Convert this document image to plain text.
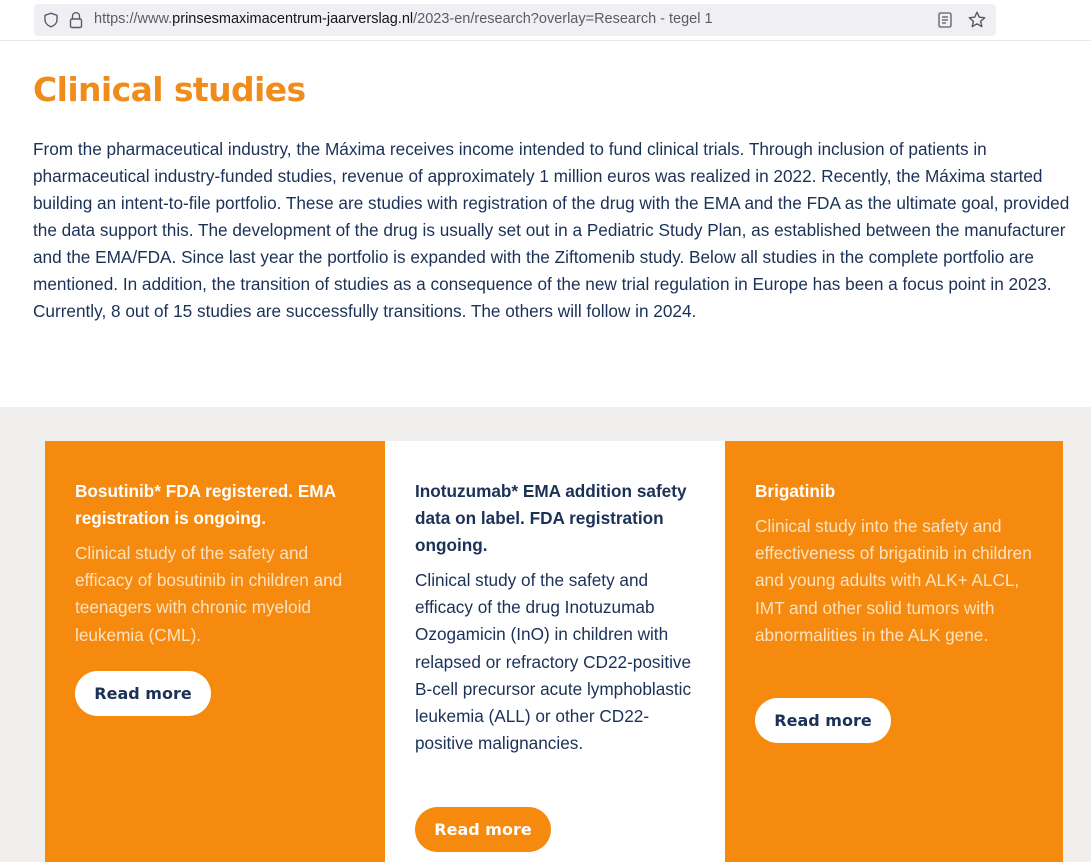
https://www.prinsesmaximacentrum-jaarverslag.nl/2023-en/research?overlay=Research - tegel 1
Clinical studies

From the pharmaceutical industry, the Máxima receives income intended to fund clinical trials. Through inclusion of patients in pharmaceutical industry-funded studies, revenue of approximately 1 million euros was realized in 2022. Recently, the Máxima started building an intent-to-file portfolio. These are studies with registration of the drug with the EMA and the FDA as the ultimate goal, provided the data support this. The development of the drug is usually set out in a Pediatric Study Plan, as established between the manufacturer and the EMA/FDA. Since last year the portfolio is expanded with the Ziftomenib study. Below all studies in the complete portfolio are mentioned. In addition, the transition of studies as a consequence of the new trial regulation in Europe has been a focus point in 2023. Currently, 8 out of 15 studies are successfully transitions. The others will follow in 2024.

Bosutinib* FDA registered. EMA registration is ongoing.
Clinical study of the safety and efficacy of bosutinib in children and teenagers with chronic myeloid leukemia (CML).
Read more
Inotuzumab* EMA addition safety data on label. FDA registration ongoing.
Clinical study of the safety and efficacy of the drug Inotuzumab Ozogamicin (InO) in children with relapsed or refractory CD22-positive B-cell precursor acute lymphoblastic leukemia (ALL) or other CD22-positive malignancies.
Read more
Brigatinib
Clinical study into the safety and effectiveness of brigatinib in children and young adults with ALK+ ALCL, IMT and other solid tumors with abnormalities in the ALK gene.
Read more
